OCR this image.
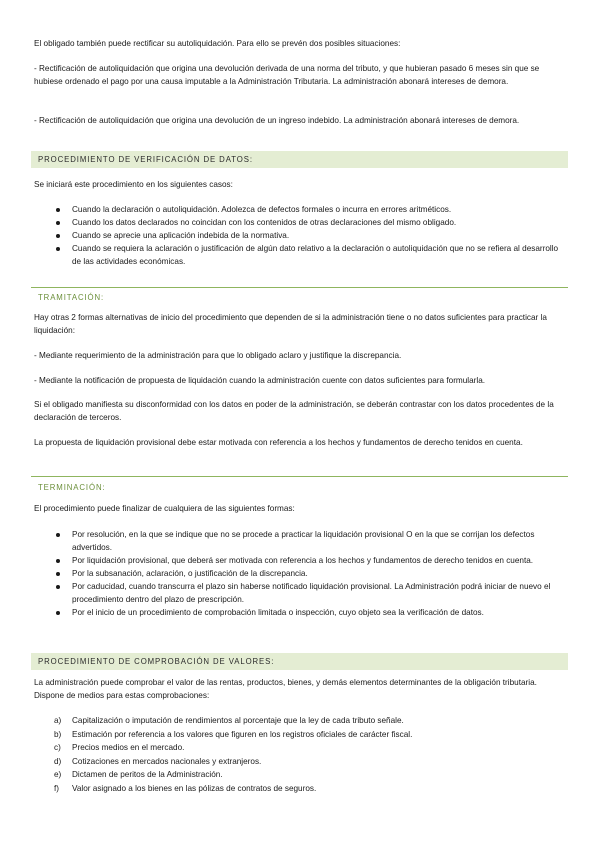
El obligado también puede rectificar su autoliquidación. Para ello se prevén dos posibles situaciones:

- Rectificación de autoliquidación que origina una devolución derivada de una norma del tributo, y que hubieran pasado 6 meses sin que se hubiese ordenado el pago por una causa imputable a la Administración Tributaria. La administración abonará intereses de demora.

- Rectificación de autoliquidación que origina una devolución de un ingreso indebido. La administración abonará intereses de demora.

PROCEDIMIENTO DE VERIFICACIÓN DE DATOS:

Se iniciará este procedimiento en los siguientes casos:

Cuando la declaración o autoliquidación. Adolezca de defectos formales o incurra en errores aritméticos.
Cuando los datos declarados no coincidan con los contenidos de otras declaraciones del mismo obligado.
Cuando se aprecie una aplicación indebida de la normativa.
Cuando se requiera la aclaración o justificación de algún dato relativo a la declaración o autoliquidación que no se refiera al desarrollo de las actividades económicas.
TRAMITACIÓN:

Hay otras 2 formas alternativas de inicio del procedimiento que dependen de si la administración tiene o no datos suficientes para practicar la liquidación:

- Mediante requerimiento de la administración para que lo obligado aclaro y justifique la discrepancia.

- Mediante la notificación de propuesta de liquidación cuando la administración cuente con datos suficientes para formularla.

Si el obligado manifiesta su disconformidad con los datos en poder de la administración, se deberán contrastar con los datos procedentes de la declaración de terceros.

La propuesta de liquidación provisional debe estar motivada con referencia a los hechos y fundamentos de derecho tenidos en cuenta.

TERMINACIÓN:

El procedimiento puede finalizar de cualquiera de las siguientes formas:

Por resolución, en la que se indique que no se procede a practicar la liquidación provisional O en la que se corrijan los defectos advertidos.
Por liquidación provisional, que deberá ser motivada con referencia a los hechos y fundamentos de derecho tenidos en cuenta.
Por la subsanación, aclaración, o justificación de la discrepancia.
Por caducidad, cuando transcurra el plazo sin haberse notificado liquidación provisional. La Administración podrá iniciar de nuevo el procedimiento dentro del plazo de prescripción.
Por el inicio de un procedimiento de comprobación limitada o inspección, cuyo objeto sea la verificación de datos.
PROCEDIMIENTO DE COMPROBACIÓN DE VALORES:

La administración puede comprobar el valor de las rentas, productos, bienes, y demás elementos determinantes de la obligación tributaria. Dispone de medios para estas comprobaciones:

a) Capitalización o imputación de rendimientos al porcentaje que la ley de cada tributo señale.
b) Estimación por referencia a los valores que figuren en los registros oficiales de carácter fiscal.
c) Precios medios en el mercado.
d) Cotizaciones en mercados nacionales y extranjeros.
e) Dictamen de peritos de la Administración.
f) Valor asignado a los bienes en las pólizas de contratos de seguros.
